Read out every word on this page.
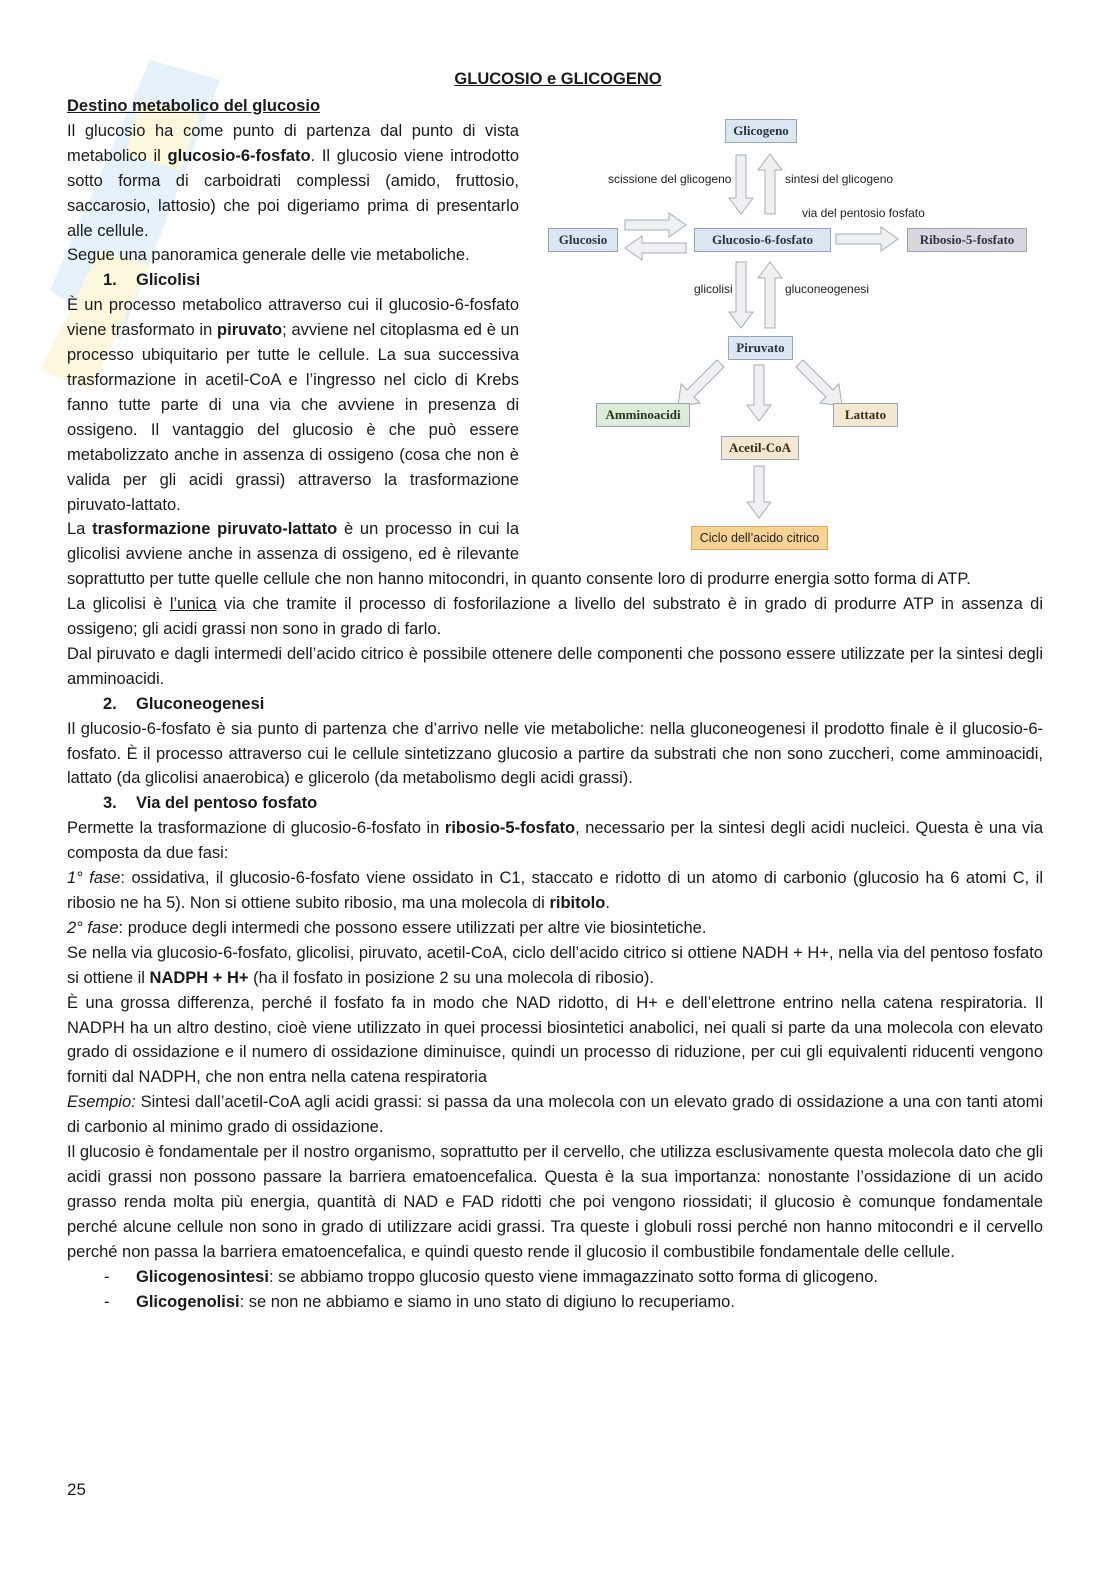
GLUCOSIO e GLICOGENO

Destino metabolico del glucosio

Il glucosio ha come punto di partenza dal punto di vista metabolico il glucosio-6-fosfato. Il glucosio viene introdotto sotto forma di carboidrati complessi (amido, fruttosio, saccarosio, lattosio) che poi digeriamo prima di presentarlo alle cellule.

Segue una panoramica generale delle vie metaboliche.

1. Glicolisi

È un processo metabolico attraverso cui il glucosio-6-fosfato viene trasformato in piruvato; avviene nel citoplasma ed è un processo ubiquitario per tutte le cellule. La sua successiva trasformazione in acetil-CoA e l’ingresso nel ciclo di Krebs fanno tutte parte di una via che avviene in presenza di ossigeno. Il vantaggio del glucosio è che può essere metabolizzato anche in assenza di ossigeno (cosa che non è valida per gli acidi grassi) attraverso la trasformazione piruvato-lattato.

La trasformazione piruvato-lattato è un processo in cui la glicolisi avviene anche in assenza di ossigeno, ed è rilevante soprattutto per tutte quelle cellule che non hanno mitocondri, in quanto consente loro di produrre energia sotto forma di ATP.

La glicolisi è l’unica via che tramite il processo di fosforilazione a livello del substrato è in grado di produrre ATP in assenza di ossigeno; gli acidi grassi non sono in grado di farlo.

Dal piruvato e dagli intermedi dell’acido citrico è possibile ottenere delle componenti che possono essere utilizzate per la sintesi degli amminoacidi.

2. Gluconeogenesi

Il glucosio-6-fosfato è sia punto di partenza che d’arrivo nelle vie metaboliche: nella gluconeogenesi il prodotto finale è il glucosio-6-fosfato. È il processo attraverso cui le cellule sintetizzano glucosio a partire da substrati che non sono zuccheri, come amminoacidi, lattato (da glicolisi anaerobica) e glicerolo (da metabolismo degli acidi grassi).

3. Via del pentoso fosfato

Permette la trasformazione di glucosio-6-fosfato in ribosio-5-fosfato, necessario per la sintesi degli acidi nucleici. Questa è una via composta da due fasi:

1° fase: ossidativa, il glucosio-6-fosfato viene ossidato in C1, staccato e ridotto di un atomo di carbonio (glucosio ha 6 atomi C, il ribosio ne ha 5). Non si ottiene subito ribosio, ma una molecola di ribitolo.

2° fase: produce degli intermedi che possono essere utilizzati per altre vie biosintetiche.

Se nella via glucosio-6-fosfato, glicolisi, piruvato, acetil-CoA, ciclo dell’acido citrico si ottiene NADH + H+, nella via del pentoso fosfato si ottiene il NADPH + H+ (ha il fosfato in posizione 2 su una molecola di ribosio).

È una grossa differenza, perché il fosfato fa in modo che NAD ridotto, di H+ e dell’elettrone entrino nella catena respiratoria. Il NADPH ha un altro destino, cioè viene utilizzato in quei processi biosintetici anabolici, nei quali si parte da una molecola con elevato grado di ossidazione e il numero di ossidazione diminuisce, quindi un processo di riduzione, per cui gli equivalenti riducenti vengono forniti dal NADPH, che non entra nella catena respiratoria

Esempio: Sintesi dall’acetil-CoA agli acidi grassi: si passa da una molecola con un elevato grado di ossidazione a una con tanti atomi di carbonio al minimo grado di ossidazione.

Il glucosio è fondamentale per il nostro organismo, soprattutto per il cervello, che utilizza esclusivamente questa molecola dato che gli acidi grassi non possono passare la barriera ematoencefalica. Questa è la sua importanza: nonostante l’ossidazione di un acido grasso renda molta più energia, quantità di NAD e FAD ridotti che poi vengono riossidati; il glucosio è comunque fondamentale perché alcune cellule non sono in grado di utilizzare acidi grassi. Tra queste i globuli rossi perché non hanno mitocondri e il cervello perché non passa la barriera ematoencefalica, e quindi questo rende il glucosio il combustibile fondamentale delle cellule.

- Glicogenosintesi: se abbiamo troppo glucosio questo viene immagazzinato sotto forma di glicogeno.

- Glicogenolisi: se non ne abbiamo e siamo in uno stato di digiuno lo recuperiamo.

Glicogeno
Glucosio	Glucosio-6-fosfato	Ribosio-5-fosfato
Piruvato
Amminoacidi	Lattato
Acetil-CoA
Ciclo dell’acido citrico
scissione del glicogeno	sintesi del glicogeno
via del pentosio fosfato
glicolisi	gluconeogenesi
25
